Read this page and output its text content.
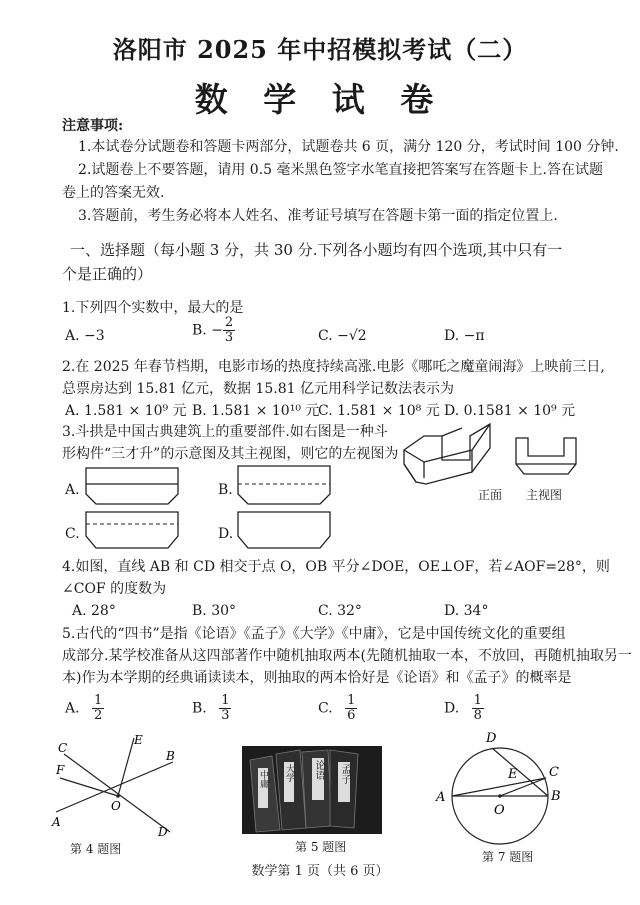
洛阳市 2025 年中招模拟考试（二）
数 学 试 卷
注意事项:
1.本试卷分试题卷和答题卡两部分，试题卷共 6 页，满分 120 分，考试时间 100 分钟.
2.试题卷上不要答题，请用 0.5 毫米黑色签字水笔直接把答案写在答题卡上.答在试题
卷上的答案无效.
3.答题前，考生务必将本人姓名、准考证号填写在答题卡第一面的指定位置上.
一、选择题（每小题 3 分，共 30 分.下列各小题均有四个选项,其中只有一
个是正确的）
1.下列四个实数中，最大的是
A. −3	B. − $\frac{2}{3}$	C. −√2	D. −π
2.在 2025 年春节档期，电影市场的热度持续高涨.电影《哪吒之魔童闹海》上映前三日,
总票房达到 15.81 亿元，数据 15.81 亿元用科学记数法表示为
A. 1.581 × 10⁹ 元 B. 1.581 × 10¹⁰ 元
C. 1.581 × 10⁸ 元 D. 0.1581 × 10⁹ 元
3.斗拱是中国古典建筑上的重要部件.如右图是一种斗
形构件“三才升”的示意图及其主视图，则它的左视图为
A.	B.
C.	D.
正面 主视图
4.如图，直线 AB 和 CD 相交于点 O，OB 平分∠DOE，OE⊥OF，若∠AOF=28°，则
∠COF 的度数为
A. 28°	B. 30°	C. 32°	D. 34°
5.古代的“四书”是指《论语》《孟子》《大学》《中庸》，它是中国传统文化的重要组
成部分.某学校准备从这四部著作中随机抽取两本(先随机抽取一本，不放回，再随机抽取另一
本)作为本学期的经典诵读读本，则抽取的两本恰好是《论语》和《孟子》的概率是
A. $\frac{1}{2}$	B. $\frac{1}{3}$	C. $\frac{1}{6}$	D. $\frac{1}{8}$
C
E
F
O
A
B
D
第 4 题图
中庸 大学 论语 孟子
第 5 题图
D
E C
A
O
B
第 7 题图
数学第 1 页（共 6 页）
